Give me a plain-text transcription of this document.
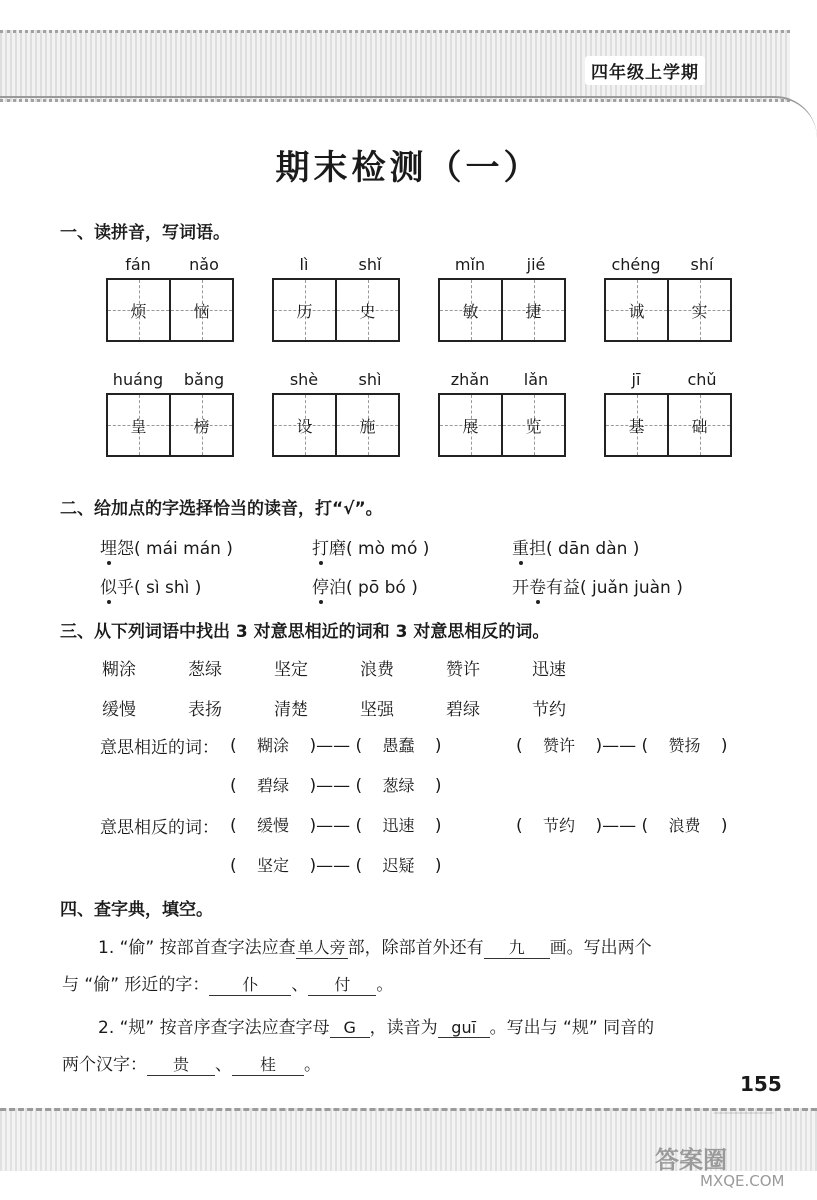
四年级上学期
期末检测（一）
一、读拼音，写词语。
fán	nǎo
烦	恼
lì	shǐ
历	史
mǐn	jié
敏	捷
chéng	shí
诚	实
huáng	bǎng
皇	榜
shè	shì
设	施
zhǎn	lǎn
展	览
jī	chǔ
基	础
二、给加点的字选择恰当的读音，打“√”。
埋怨( mái mán )	打磨( mò mó )	重担( dān dàn )
似乎( sì shì )	停泊( pō bó )	开卷有益( juǎn juàn )
三、从下列词语中找出 3 对意思相近的词和 3 对意思相反的词。
糊涂	葱绿	坚定	浪费	赞许	迅速
缓慢	表扬	清楚	坚强	碧绿	节约
意思相近的词：
意思相反的词：
( 糊涂 )—— ( 愚蠢 )	( 赞许 )—— ( 赞扬 )
( 碧绿 )—— ( 葱绿 )
( 缓慢 )—— ( 迅速 )	( 节约 )—— ( 浪费 )
( 坚定 )—— ( 迟疑 )
四、查字典，填空。
1. “偷” 按部首查字法应查 单人旁 部，除部首外还有 九 画。写出两个
与 “偷” 形近的字： 仆 、 付 。
2. “规” 按音序查字法应查字母 G ，读音为 guī 。写出与 “规” 同音的
两个汉字： 贵 、 桂 。
155
答案圈
MXQE.COM
